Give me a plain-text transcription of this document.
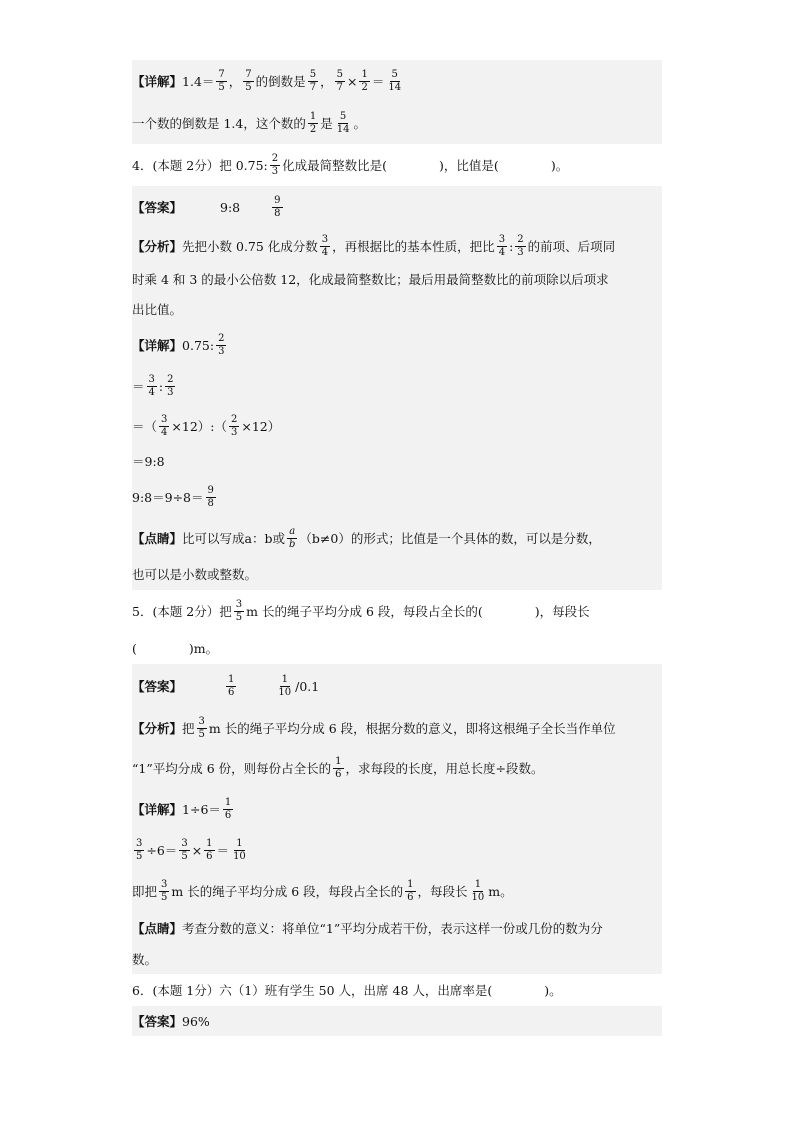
【详解】 $1.4= \frac{7}{5}$ ， $\frac{7}{5}$ 的倒数是 $\frac{5}{7}$ ， $\frac{5}{7} \times \frac{1}{2} = \frac{5}{14}$
一个数的倒数是 1.4，这个数的 $\frac{1}{2}$ 是 $\frac{5}{14}$ 。
4．(本题 2分）把 0.75: $\frac{2}{3}$ 化成最简整数比是(	)，比值是(	)。
【答案】	9:8	$\frac{9}{8}$
【分析】 先把小数 0.75 化成分数 $\frac{3}{4}$ ，再根据比的基本性质，把比 $\frac{3}{4}$ : $\frac{2}{3}$ 的前项、后项同
时乘 4 和 3 的最小公倍数 12，化成最简整数比；最后用最简整数比的前项除以后项求
出比值。
【详解】 0.75: $\frac{2}{3}$
＝ $\frac{3}{4}$ : $\frac{2}{3}$
＝（ $\frac{3}{4}$ ×12）:（ $\frac{2}{3} \times 12$）
＝9:8
9:8＝9÷8＝ $\frac{9}{8}$
【点睛】 比可以写成a：b或 $\frac{a}{b} (b\ne 0)$的形式；比值是一个具体的数，可以是分数，
也可以是小数或整数。
5．(本题 2分）把 $\frac{3}{5}$ m 长的绳子平均分成 6 段，每段占全长的(	)，每段长
(	)m。
【答案】	$\frac{1}{6}$	$\frac{1}{10} /0.1$
【分析】 把 $\frac{3}{5}$ m 长的绳子平均分成 6 段，根据分数的意义，即将这根绳子全长当作单位
“1”平均分成 6 份，则每份占全长的 $\frac{1}{6}$ ，求每段的长度，用总长度÷段数。
【详解】 $1\div 6= \frac{1}{6}$
$\frac{3}{5} \div 6= \frac{3}{5} \times \frac{1}{6} = \frac{1}{10}$
即把 $\frac{3}{5}$ m 长的绳子平均分成 6 段，每段占全长的 $\frac{1}{6}$ ，每段长 $\frac{1}{10}$ m。
【点睛】 考查分数的意义：将单位“1”平均分成若干份，表示这样一份或几份的数为分
数。
6．(本题 1分）六（1）班有学生 50 人，出席 48 人，出席率是(	)。
【答案】 96%
